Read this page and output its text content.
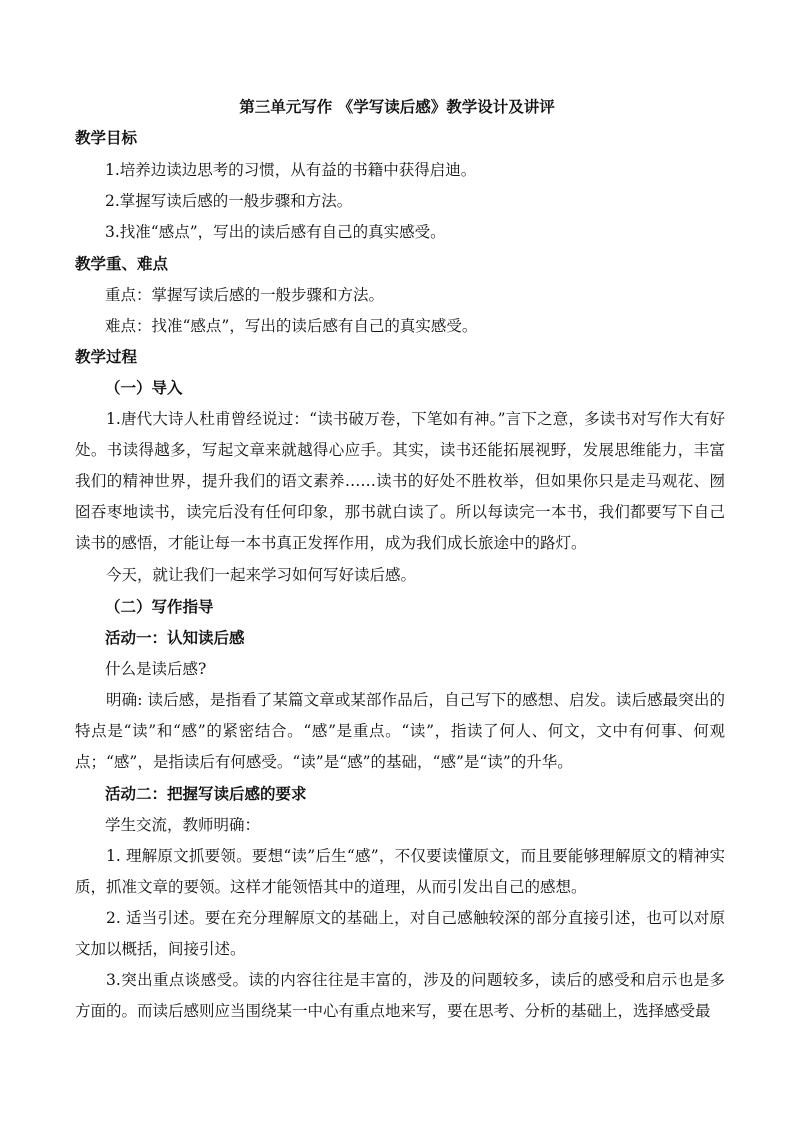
第三单元写作 《学写读后感》教学设计及讲评
教学目标
1.培养边读边思考的习惯，从有益的书籍中获得启迪。
2.掌握写读后感的一般步骤和方法。
3.找准“感点”，写出的读后感有自己的真实感受。
教学重、难点
重点：掌握写读后感的一般步骤和方法。
难点：找准“感点”，写出的读后感有自己的真实感受。
教学过程
（一）导入
1.唐代大诗人杜甫曾经说过：“读书破万卷，下笔如有神。”言下之意，多读书对写作大有好处。书读得越多，写起文章来就越得心应手。其实，读书还能拓展视野，发展思维能力，丰富我们的精神世界，提升我们的语文素养……读书的好处不胜枚举，但如果你只是走马观花、囫囵吞枣地读书，读完后没有任何印象，那书就白读了。所以每读完一本书，我们都要写下自己读书的感悟，才能让每一本书真正发挥作用，成为我们成长旅途中的路灯。
今天，就让我们一起来学习如何写好读后感。
（二）写作指导
活动一：认知读后感
什么是读后感?
明确: 读后感，是指看了某篇文章或某部作品后，自己写下的感想、启发。读后感最突出的特点是“读”和“感”的紧密结合。“感”是重点。“读”，指读了何人、何文，文中有何事、何观点；“感”，是指读后有何感受。“读”是“感”的基础，“感”是“读”的升华。
活动二：把握写读后感的要求
学生交流，教师明确：
1. 理解原文抓要领。要想“读”后生“感”，不仅要读懂原文，而且要能够理解原文的精神实质，抓准文章的要领。这样才能领悟其中的道理，从而引发出自己的感想。
2. 适当引述。要在充分理解原文的基础上，对自己感触较深的部分直接引述，也可以对原文加以概括，间接引述。
3.突出重点谈感受。读的内容往往是丰富的，涉及的问题较多，读后的感受和启示也是多方面的。而读后感则应当围绕某一中心有重点地来写，要在思考、分析的基础上，选择感受最
